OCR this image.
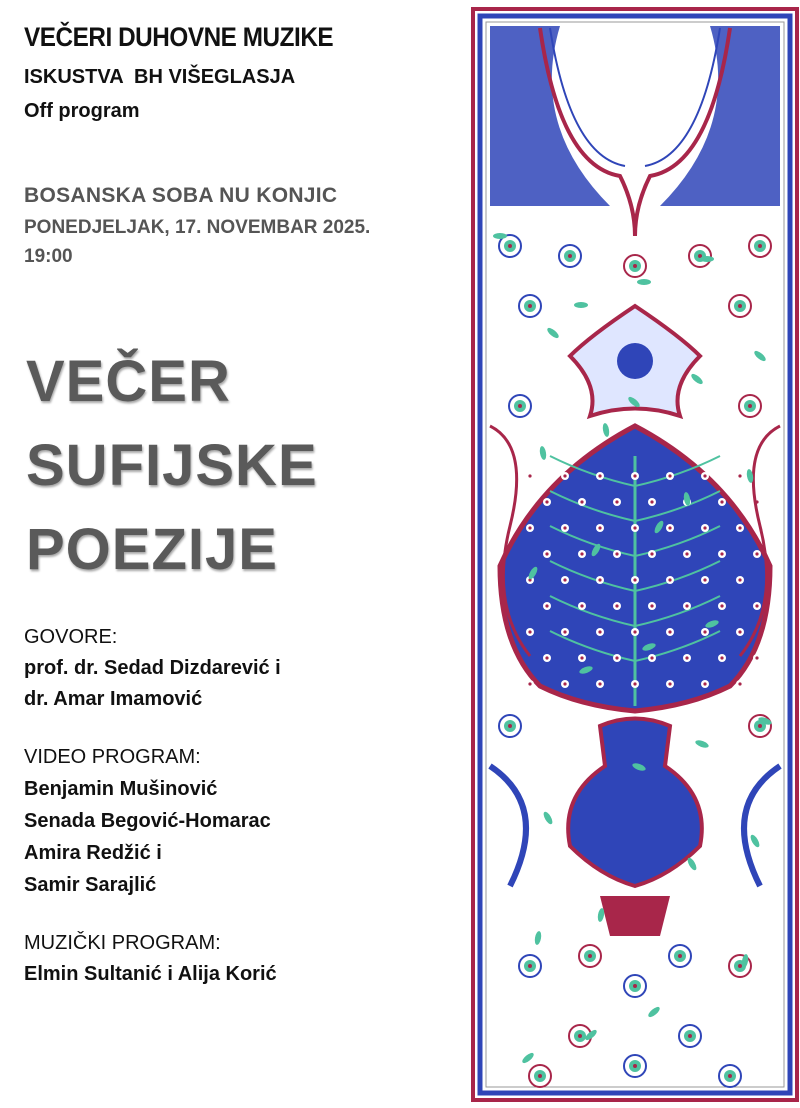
VEČERI DUHOVNE MUZIKE
ISKUSTVA  BH VIŠEGLASJA
Off program
BOSANSKA SOBA NU KONJIC
PONEDJELJAK, 17. NOVEMBAR 2025.
19:00
VEČER
SUFIJSKE
POEZIJE
GOVORE:
prof. dr. Sedad Dizdarević i
dr. Amar Imamović
VIDEO PROGRAM:
Benjamin Mušinović
Senada Begović-Homarac
Amira Redžić i
Samir Sarajlić
MUZIČKI PROGRAM:
Elmin Sultanić i Alija Korić
